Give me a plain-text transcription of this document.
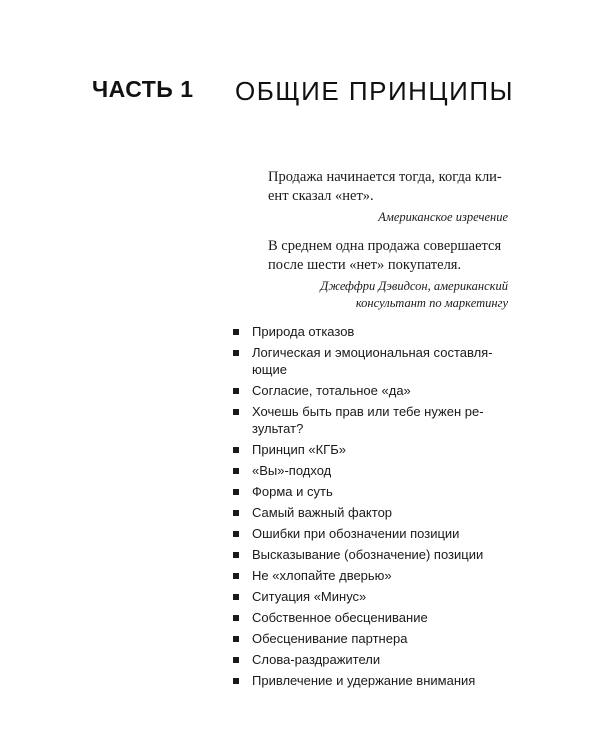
ЧАСТЬ 1 ОБЩИЕ ПРИНЦИПЫ
Продажа начинается тогда, когда кли-
ент сказал «нет».
Американское изречение
В среднем одна продажа совершается
после шести «нет» покупателя.
Джеффри Дэвидсон, американский
консультант по маркетингу
Природа отказов
Логическая и эмоциональная составля-
ющие
Согласие, тотальное «да»
Хочешь быть прав или тебе нужен ре-
зультат?
Принцип «КГБ»
«Вы»-подход
Форма и суть
Самый важный фактор
Ошибки при обозначении позиции
Высказывание (обозначение) позиции
Не «хлопайте дверью»
Ситуация «Минус»
Собственное обесценивание
Обесценивание партнера
Слова-раздражители
Привлечение и удержание внимания
